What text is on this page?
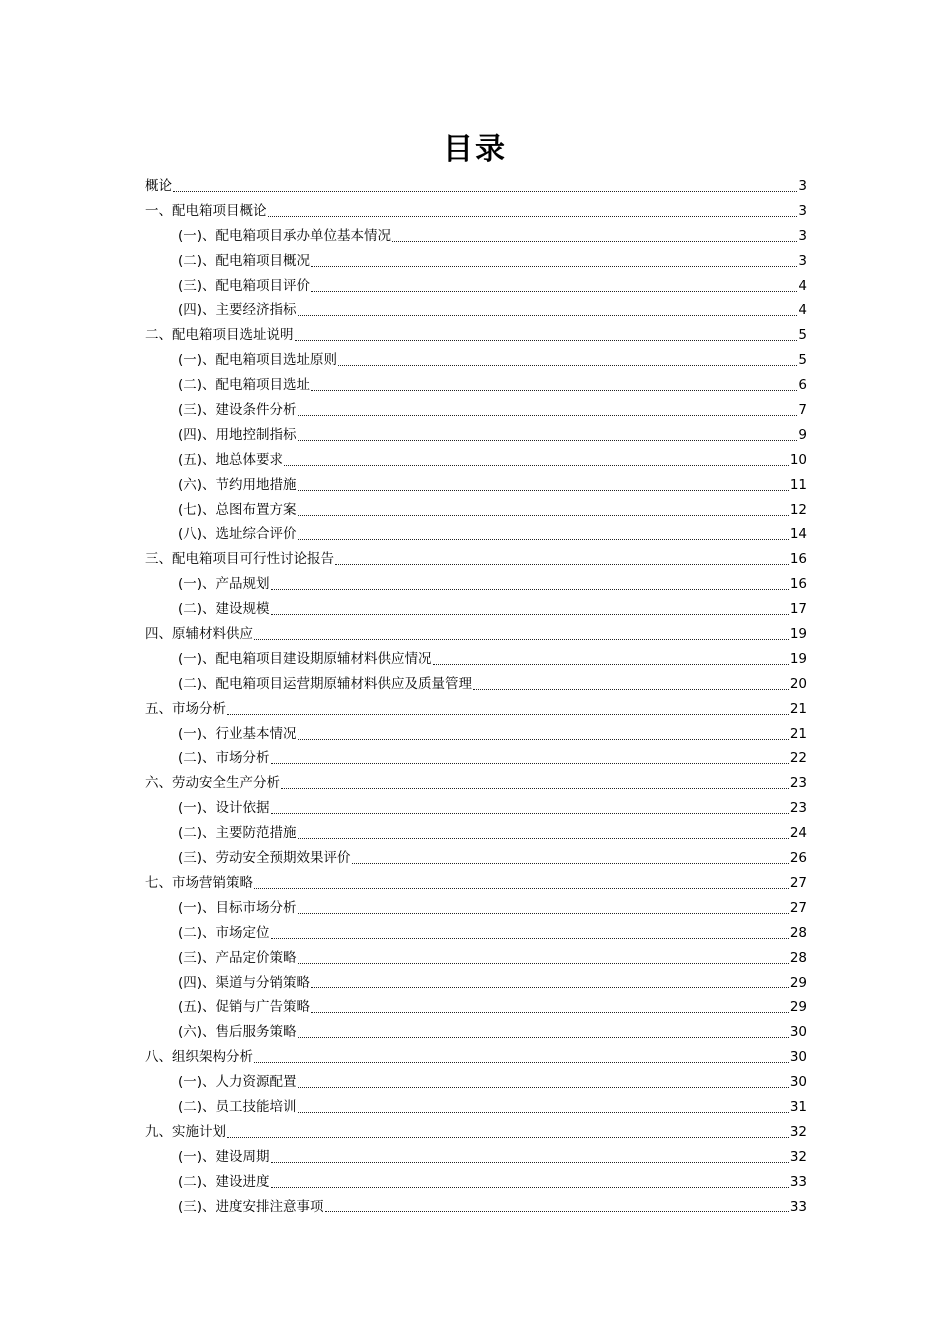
目录
概论	3
一、配电箱项目概论	3
(一)、配电箱项目承办单位基本情况	3
(二)、配电箱项目概况	3
(三)、配电箱项目评价	4
(四)、主要经济指标	4
二、配电箱项目选址说明	5
(一)、配电箱项目选址原则	5
(二)、配电箱项目选址	6
(三)、建设条件分析	7
(四)、用地控制指标	9
(五)、地总体要求	10
(六)、节约用地措施	11
(七)、总图布置方案	12
(八)、选址综合评价	14
三、配电箱项目可行性讨论报告	16
(一)、产品规划	16
(二)、建设规模	17
四、原辅材料供应	19
(一)、配电箱项目建设期原辅材料供应情况	19
(二)、配电箱项目运营期原辅材料供应及质量管理	20
五、市场分析	21
(一)、行业基本情况	21
(二)、市场分析	22
六、劳动安全生产分析	23
(一)、设计依据	23
(二)、主要防范措施	24
(三)、劳动安全预期效果评价	26
七、市场营销策略	27
(一)、目标市场分析	27
(二)、市场定位	28
(三)、产品定价策略	28
(四)、渠道与分销策略	29
(五)、促销与广告策略	29
(六)、售后服务策略	30
八、组织架构分析	30
(一)、人力资源配置	30
(二)、员工技能培训	31
九、实施计划	32
(一)、建设周期	32
(二)、建设进度	33
(三)、进度安排注意事项	33
